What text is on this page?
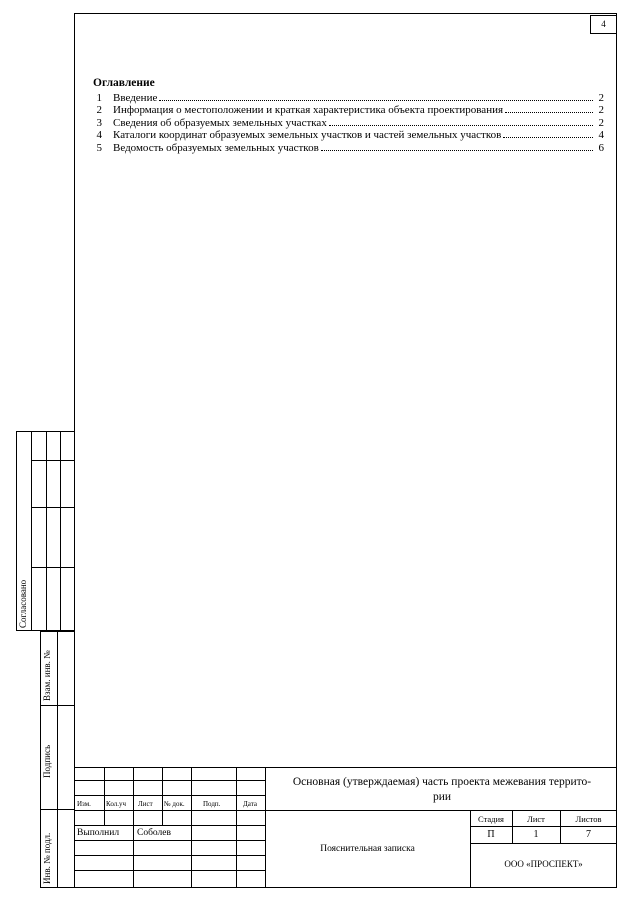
4
Оглавление
1	Введение	2
2	Информация о местоположении и краткая характеристика объекта проектирования	2
3	Сведения об образуемых земельных участках	2
4	Каталоги координат образуемых земельных участков и частей земельных участков	4
5	Ведомость образуемых земельных участков	6
Согласовано
Взам. инв. №
Подпись
Инв. № подл.
Изм. Кол.уч Лист № док.	Подп.	Дата
Основная (утверждаемая) часть проекта межевания террито-
рии
Выполнил Соболев
Пояснительная записка
Стадия	Лист	Листов
П	1	7
ООО «ПРОСПЕКТ»
